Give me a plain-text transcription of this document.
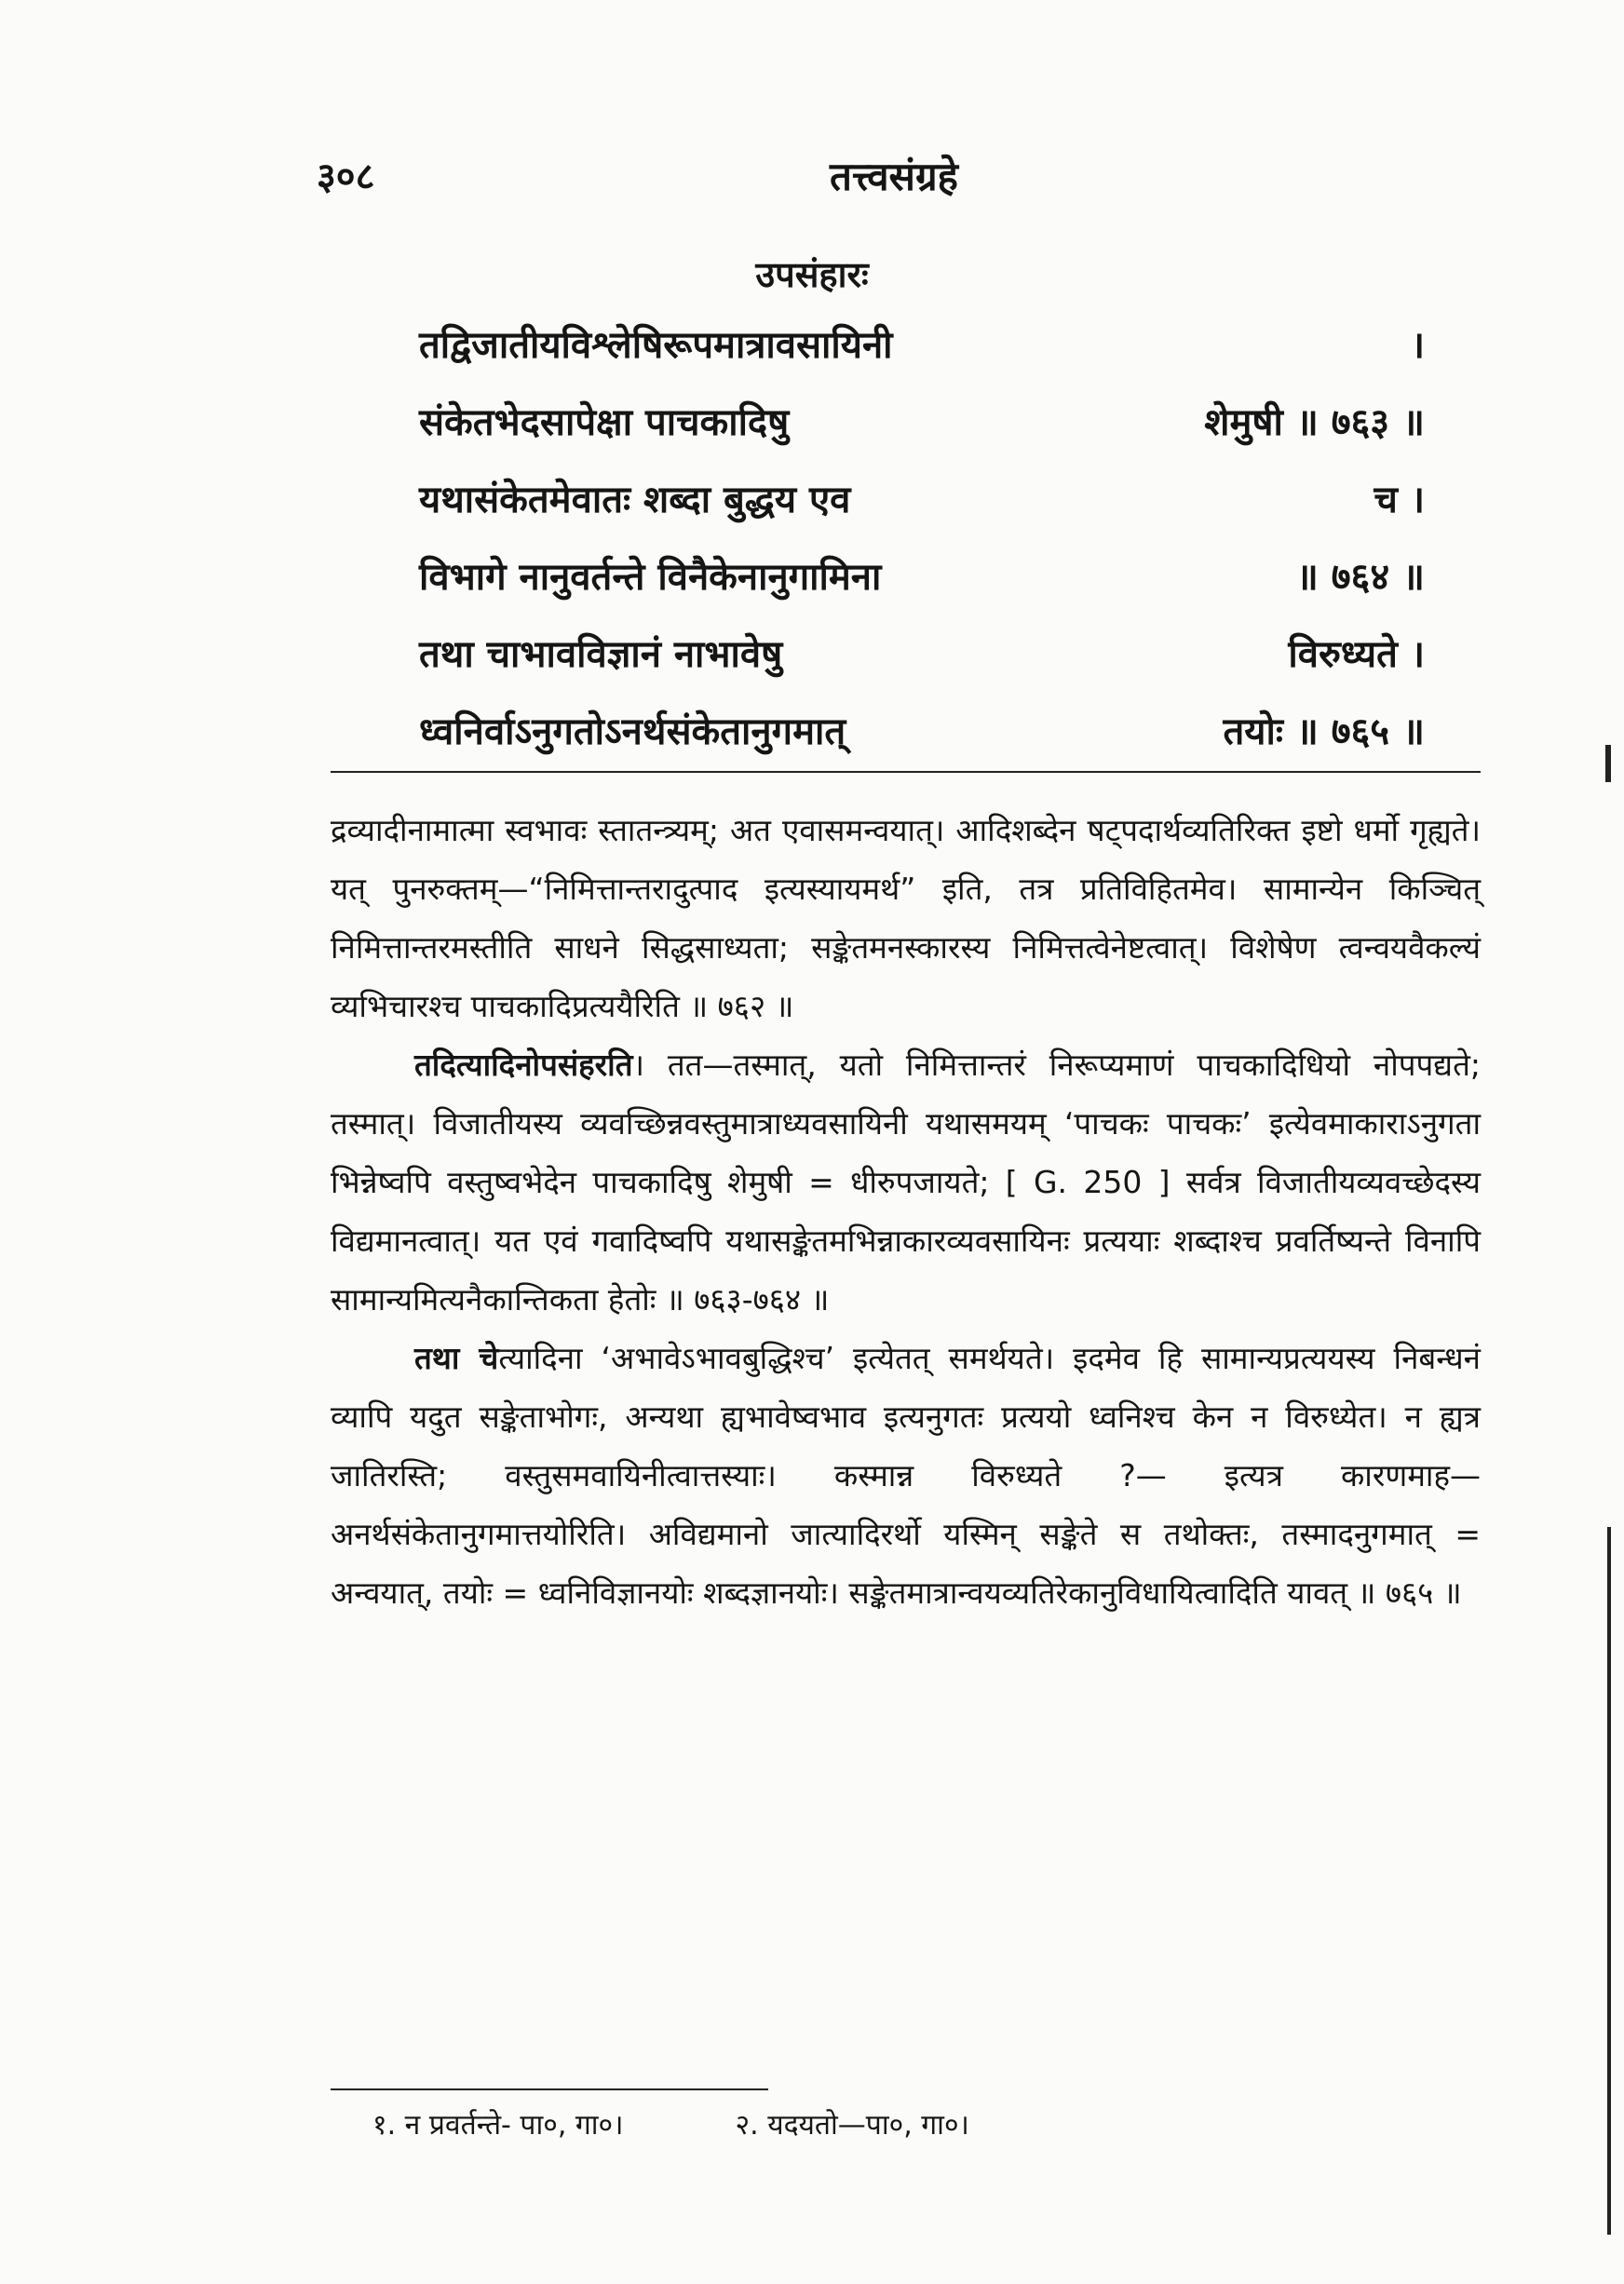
३०८	तत्त्वसंग्रहे
उपसंहारः
तद्विजातीयविश्लेषिरूपमात्रावसायिनी	।
संकेतभेदसापेक्षा पाचकादिषु	शेमुषी ॥ ७६३ ॥
यथासंकेतमेवातः शब्दा बुद्धय एव	च ।
विभागे नानुवर्तन्ते विनैकेनानुगामिना	॥ ७६४ ॥
तथा चाभावविज्ञानं नाभावेषु	विरुध्यते ।
ध्वनिर्वाऽनुगतोऽनर्थसंकेतानुगमात्	तयोः ॥ ७६५ ॥

द्रव्यादीनामात्मा स्वभावः स्तातन्त्र्यम्; अत एवासमन्वयात्। आदिशब्देन षट्पदार्थव्यतिरिक्त इष्टो धर्मो गृह्यते। यत् पुनरुक्तम्—“निमित्तान्तरादुत्पाद इत्यस्यायमर्थ” इति, तत्र प्रतिविहितमेव। सामान्येन किञ्चित् निमित्तान्तरमस्तीति साधने सिद्धसाध्यता; सङ्केतमनस्कारस्य निमित्तत्वेनेष्टत्वात्। विशेषेण त्वन्वयवैकल्यं व्यभिचारश्च पाचकादिप्रत्ययैरिति ॥ ७६२ ॥

तदित्यादिनोपसंहरति। तत—तस्मात्, यतो निमित्तान्तरं निरूप्यमाणं पाचकादिधियो नोपपद्यते; तस्मात्। विजातीयस्य व्यवच्छिन्नवस्तुमात्राध्यवसायिनी यथासमयम् ‘पाचकः पाचकः’ इत्येवमाकाराऽनुगता भिन्नेष्वपि वस्तुष्वभेदेन पाचकादिषु शेमुषी = धीरुपजायते; [ G. 250 ] सर्वत्र विजातीयव्यवच्छेदस्य विद्यमानत्वात्। यत एवं गवादिष्वपि यथासङ्केतमभिन्नाकारव्यवसायिनः प्रत्ययाः शब्दाश्च प्रवर्तिष्यन्ते विनापि सामान्यमित्यनैकान्तिकता हेतोः ॥ ७६३-७६४ ॥

तथा चेत्यादिना ‘अभावेऽभावबुद्धिश्च’ इत्येतत् समर्थयते। इदमेव हि सामान्यप्रत्ययस्य निबन्धनं व्यापि यदुत सङ्केताभोगः, अन्यथा ह्यभावेष्वभाव इत्यनुगतः प्रत्ययो ध्वनिश्च केन न विरुध्येत। न ह्यत्र जातिरस्ति; वस्तुसमवायिनीत्वात्तस्याः। कस्मान्न विरुध्यते ?— इत्यत्र कारणमाह— अनर्थसंकेतानुगमात्तयोरिति। अविद्यमानो जात्यादिरर्थो यस्मिन् सङ्केते स तथोक्तः, तस्मादनुगमात् = अन्वयात्, तयोः = ध्वनिविज्ञानयोः शब्दज्ञानयोः। सङ्केतमात्रान्वयव्यतिरेकानुविधायित्वादिति यावत् ॥ ७६५ ॥

१. न प्रवर्तन्ते- पा०, गा०।	२. यदयतो—पा०, गा०।
